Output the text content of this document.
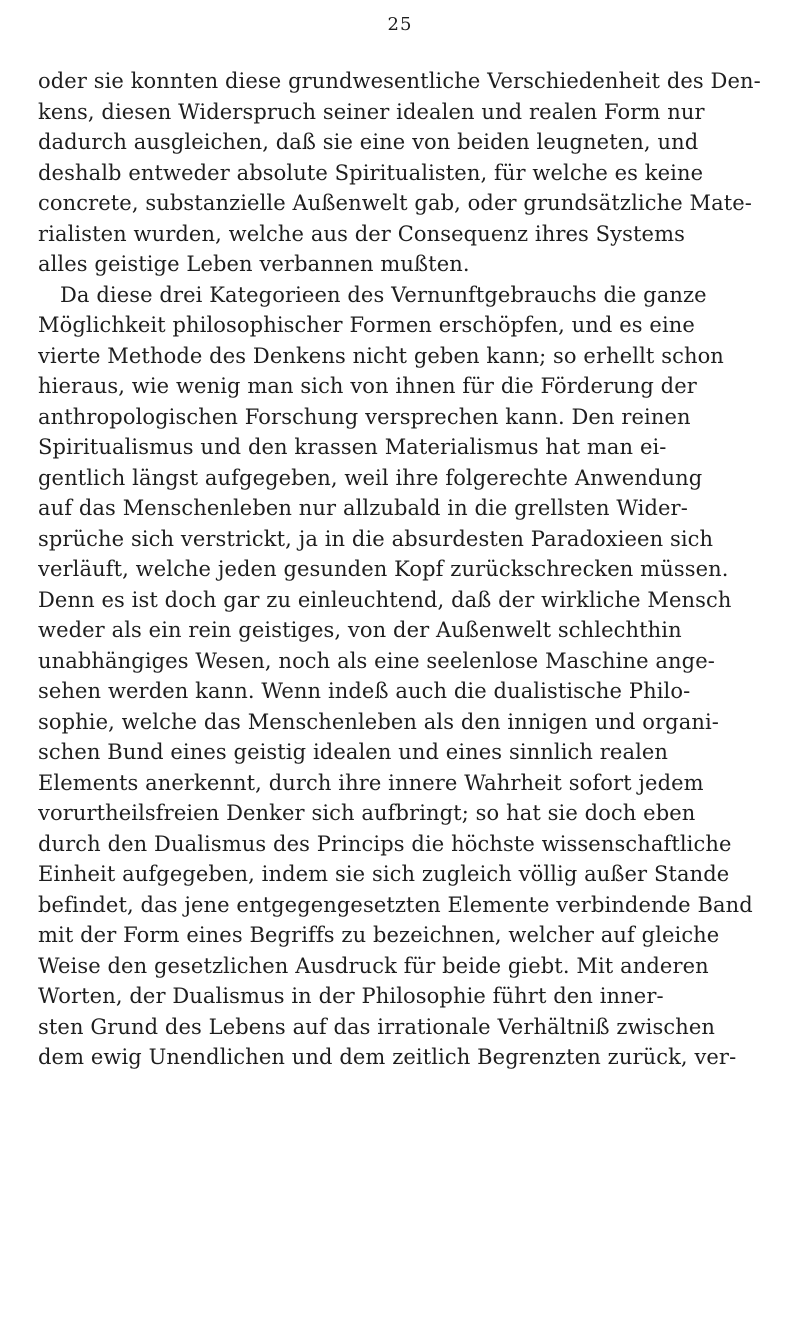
25
oder sie konnten diese grundwesentliche Verschiedenheit des Den-
kens, diesen Widerspruch seiner idealen und realen Form nur
dadurch ausgleichen, daß sie eine von beiden leugneten, und
deshalb entweder absolute Spiritualisten, für welche es keine
concrete, substanzielle Außenwelt gab, oder grundsätzliche Mate-
rialisten wurden, welche aus der Consequenz ihres Systems
alles geistige Leben verbannen mußten.
Da diese drei Kategorieen des Vernunftgebrauchs die ganze
Möglichkeit philosophischer Formen erschöpfen, und es eine
vierte Methode des Denkens nicht geben kann; so erhellt schon
hieraus, wie wenig man sich von ihnen für die Förderung der
anthropologischen Forschung versprechen kann. Den reinen
Spiritualismus und den krassen Materialismus hat man ei-
gentlich längst aufgegeben, weil ihre folgerechte Anwendung
auf das Menschenleben nur allzubald in die grellsten Wider-
sprüche sich verstrickt, ja in die absurdesten Paradoxieen sich
verläuft, welche jeden gesunden Kopf zurückschrecken müssen.
Denn es ist doch gar zu einleuchtend, daß der wirkliche Mensch
weder als ein rein geistiges, von der Außenwelt schlechthin
unabhängiges Wesen, noch als eine seelenlose Maschine ange-
sehen werden kann. Wenn indeß auch die dualistische Philo-
sophie, welche das Menschenleben als den innigen und organi-
schen Bund eines geistig idealen und eines sinnlich realen
Elements anerkennt, durch ihre innere Wahrheit sofort jedem
vorurtheilsfreien Denker sich aufbringt; so hat sie doch eben
durch den Dualismus des Princips die höchste wissenschaftliche
Einheit aufgegeben, indem sie sich zugleich völlig außer Stande
befindet, das jene entgegengesetzten Elemente verbindende Band
mit der Form eines Begriffs zu bezeichnen, welcher auf gleiche
Weise den gesetzlichen Ausdruck für beide giebt. Mit anderen
Worten, der Dualismus in der Philosophie führt den inner-
sten Grund des Lebens auf das irrationale Verhältniß zwischen
dem ewig Unendlichen und dem zeitlich Begrenzten zurück, ver-
